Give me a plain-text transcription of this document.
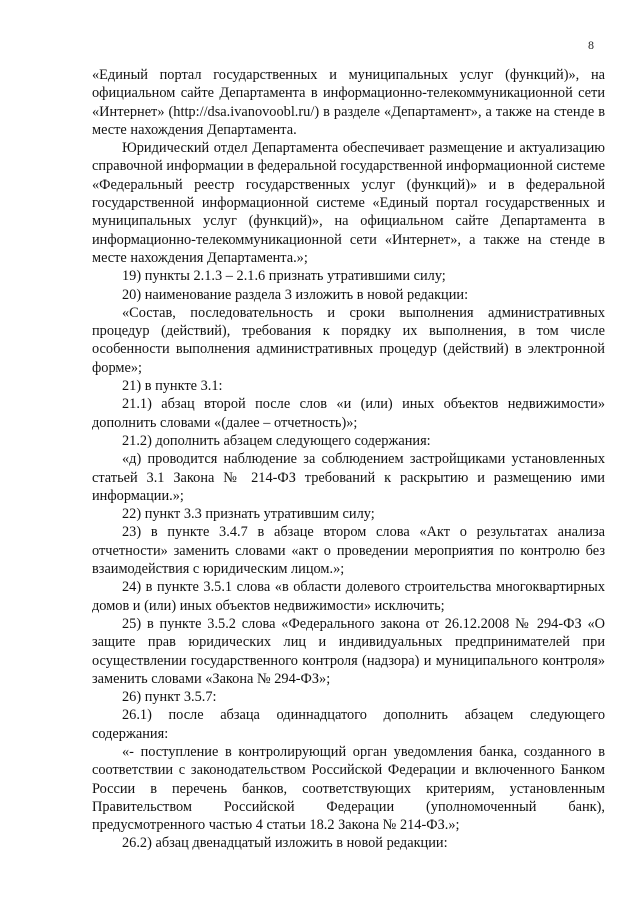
8

«Единый портал государственных и муниципальных услуг (функций)», на официальном сайте Департамента в информационно-телекоммуникационной сети «Интернет» (http://dsa.ivanovoobl.ru/) в разделе «Департамент», а также на стенде в месте нахождения Департамента.

Юридический отдел Департамента обеспечивает размещение и актуализацию справочной информации в федеральной государственной информационной системе «Федеральный реестр государственных услуг (функций)» и в федеральной государственной информационной системе «Единый портал государственных и муниципальных услуг (функций)», на официальном сайте Департамента в информационно-телекоммуникационной сети «Интернет», а также на стенде в месте нахождения Департамента.»;

19) пункты 2.1.3 – 2.1.6 признать утратившими силу;

20) наименование раздела 3 изложить в новой редакции:

«Состав, последовательность и сроки выполнения административных процедур (действий), требования к порядку их выполнения, в том числе особенности выполнения административных процедур (действий) в электронной форме»;

21) в пункте 3.1:

21.1) абзац второй после слов «и (или) иных объектов недвижимости» дополнить словами «(далее – отчетность)»;

21.2) дополнить абзацем следующего содержания:

«д) проводится наблюдение за соблюдением застройщиками установленных статьей 3.1 Закона № 214-ФЗ требований к раскрытию и размещению ими информации.»;

22) пункт 3.3 признать утратившим силу;

23) в пункте 3.4.7 в абзаце втором слова «Акт о результатах анализа отчетности» заменить словами «акт о проведении мероприятия по контролю без взаимодействия с юридическим лицом.»;

24) в пункте 3.5.1 слова «в области долевого строительства многоквартирных домов и (или) иных объектов недвижимости» исключить;

25) в пункте 3.5.2 слова «Федерального закона от 26.12.2008 № 294-ФЗ «О защите прав юридических лиц и индивидуальных предпринимателей при осуществлении государственного контроля (надзора) и муниципального контроля» заменить словами «Закона № 294-ФЗ»;

26) пункт 3.5.7:

26.1) после абзаца одиннадцатого дополнить абзацем следующего содержания:

«- поступление в контролирующий орган уведомления банка, созданного в соответствии с законодательством Российской Федерации и включенного Банком России в перечень банков, соответствующих критериям, установленным Правительством Российской Федерации (уполномоченный банк), предусмотренного частью 4 статьи 18.2 Закона № 214-ФЗ.»;

26.2) абзац двенадцатый изложить в новой редакции:
